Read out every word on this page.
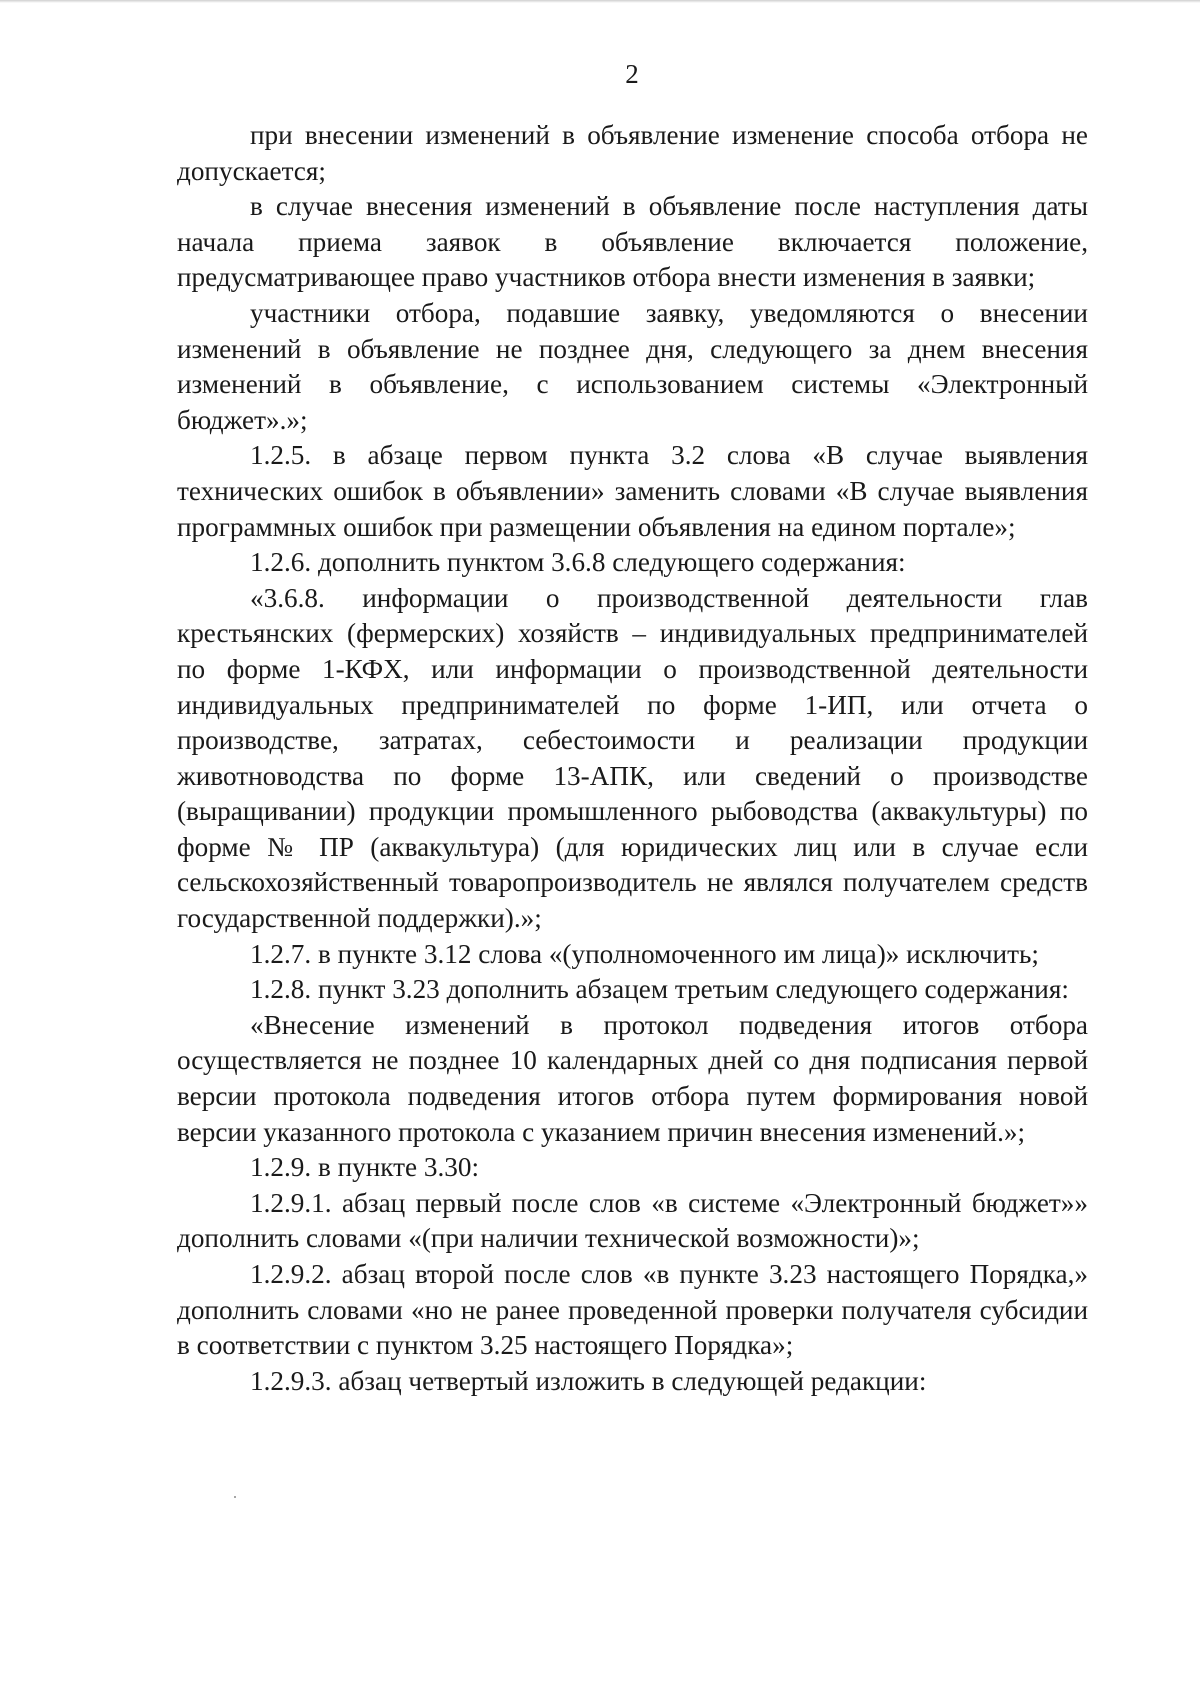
2

при внесении изменений в объявление изменение способа отбора не допускается;

в случае внесения изменений в объявление после наступления даты начала приема заявок в объявление включается положение, предусматривающее право участников отбора внести изменения в заявки;

участники отбора, подавшие заявку, уведомляются о внесении изменений в объявление не позднее дня, следующего за днем внесения изменений в объявление, с использованием системы «Электронный бюджет».»;

1.2.5. в абзаце первом пункта 3.2 слова «В случае выявления технических ошибок в объявлении» заменить словами «В случае выявления программных ошибок при размещении объявления на едином портале»;

1.2.6. дополнить пунктом 3.6.8 следующего содержания:

«3.6.8. информации о производственной деятельности глав крестьянских (фермерских) хозяйств – индивидуальных предпринимателей по форме 1-КФХ, или информации о производственной деятельности индивидуальных предпринимателей по форме 1-ИП, или отчета о производстве, затратах, себестоимости и реализации продукции животноводства по форме 13-АПК, или сведений о производстве (выращивании) продукции промышленного рыбоводства (аквакультуры) по форме № ПР (аквакультура) (для юридических лиц или в случае если сельскохозяйственный товаропроизводитель не являлся получателем средств государственной поддержки).»;

1.2.7. в пункте 3.12 слова «(уполномоченного им лица)» исключить;

1.2.8. пункт 3.23 дополнить абзацем третьим следующего содержания:

«Внесение изменений в протокол подведения итогов отбора осуществляется не позднее 10 календарных дней со дня подписания первой версии протокола подведения итогов отбора путем формирования новой версии указанного протокола с указанием причин внесения изменений.»;

1.2.9. в пункте 3.30:

1.2.9.1. абзац первый после слов «в системе «Электронный бюджет»» дополнить словами «(при наличии технической возможности)»;

1.2.9.2. абзац второй после слов «в пункте 3.23 настоящего Порядка,» дополнить словами «но не ранее проведенной проверки получателя субсидии в соответствии с пунктом 3.25 настоящего Порядка»;

1.2.9.3. абзац четвертый изложить в следующей редакции:
